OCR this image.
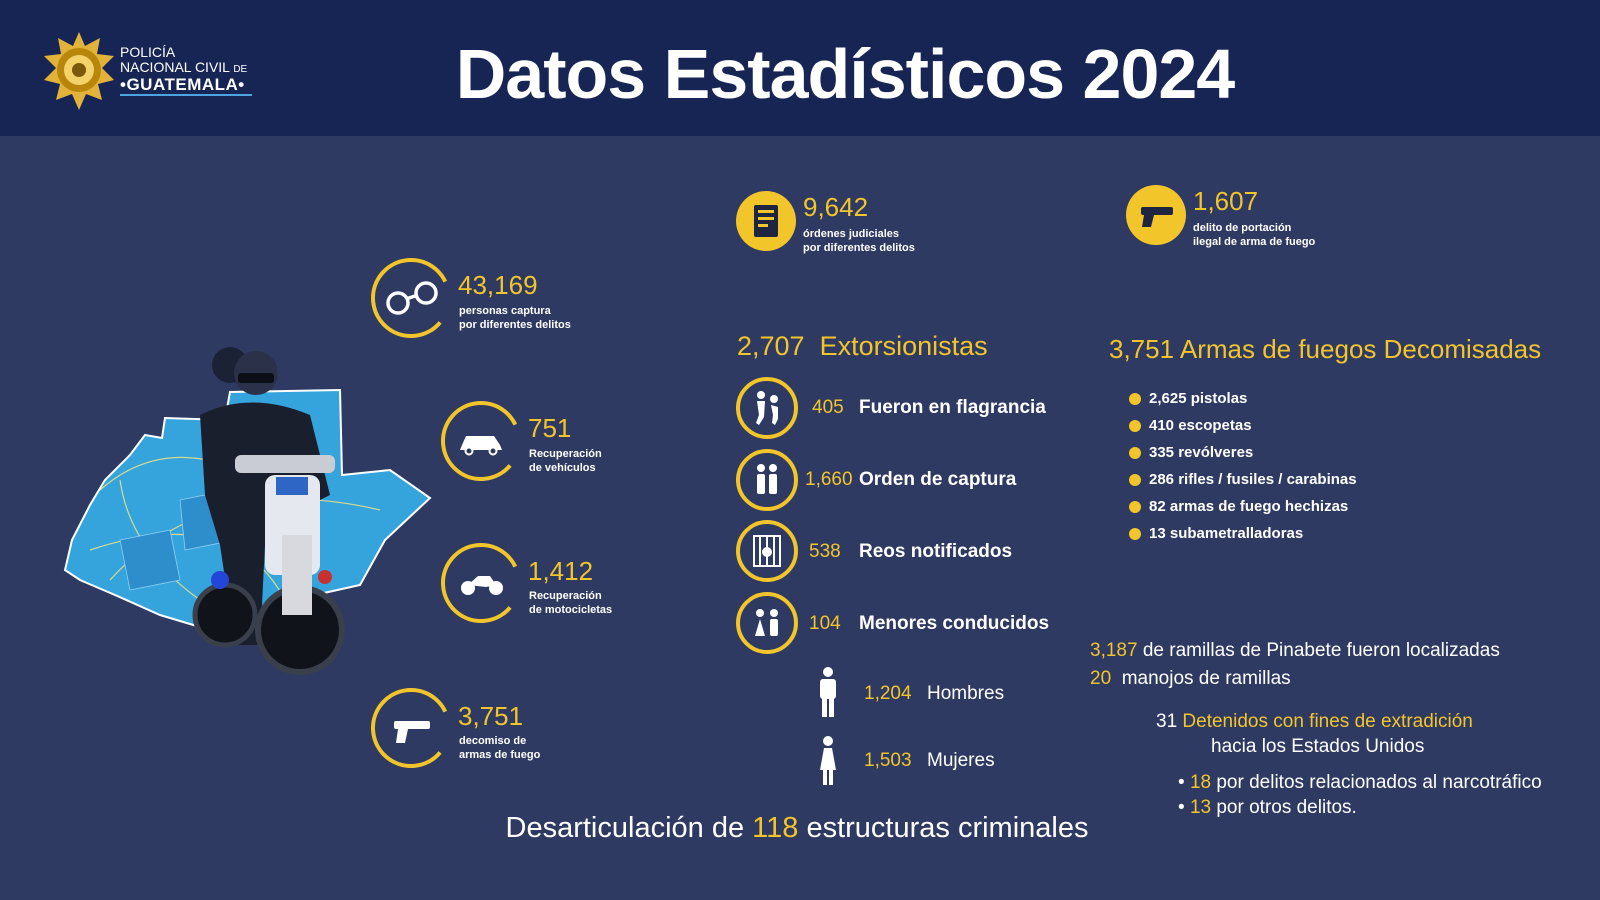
POLICÍA
NACIONAL CIVIL DE
•GUATEMALA•	Datos Estadísticos 2024
43,169
personas captura
por diferentes delitos
751
Recuperación
de vehículos
1,412
Recuperación
de motocicletas
3,751
decomiso de
armas de fuego
9,642
órdenes judiciales
por diferentes delitos
1,607
delito de portación
ilegal de arma de fuego
2,707 Extorsionistas
405 Fueron en flagrancia
1,660 Orden de captura
538 Reos notificados
104 Menores conducidos
1,204 Hombres
1,503 Mujeres
3,751 Armas de fuegos Decomisadas
2,625 pistolas
410 escopetas
335 revólveres
286 rifles / fusiles / carabinas
82 armas de fuego hechizas
13 subametralladoras
3,187 de ramillas de Pinabete fueron localizadas
20 manojos de ramillas
31 Detenidos con fines de extradición
hacia los Estados Unidos
• 18 por delitos relacionados al narcotráfico
• 13 por otros delitos.
Desarticulación de 118 estructuras criminales
